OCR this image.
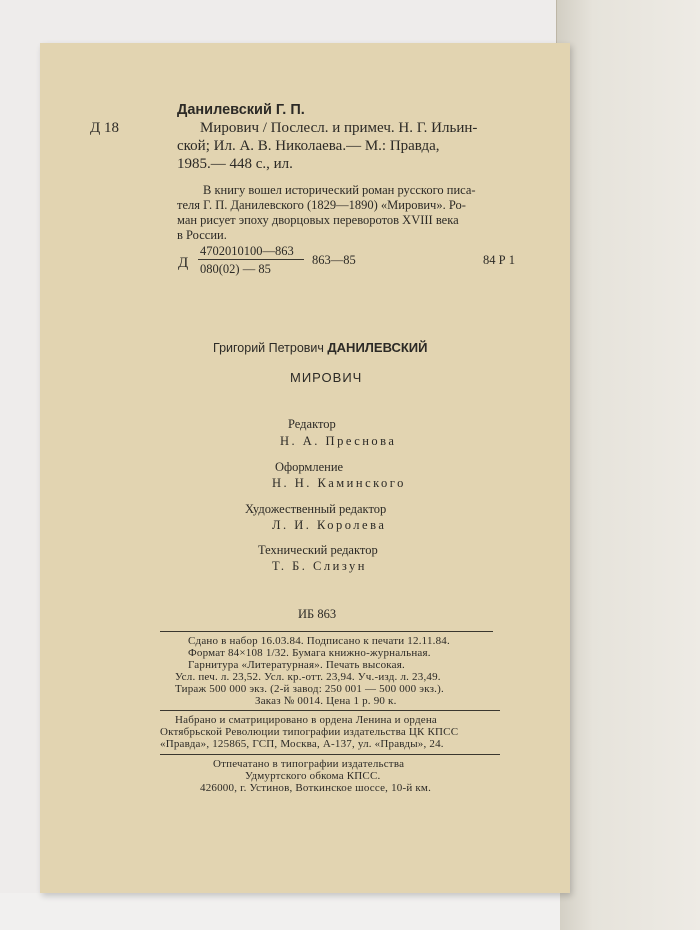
Данилевский Г. П.
Д 18	Мирович / Послесл. и примеч. Н. Г. Ильин-
ской; Ил. А. В. Николаева.— М.: Правда,
1985.— 448 с., ил.
В книгу вошел исторический роман русского писа-
теля Г. П. Данилевского (1829—1890) «Мирович». Ро-
ман рисует эпоху дворцовых переворотов XVIII века
в России.
Д
4702010100—863
080(02) — 85
863—85	84 Р 1
Григорий Петрович ДАНИЛЕВСКИЙ
МИРОВИЧ
Редактор
Н. А. Преснова
Оформление
Н. Н. Каминского
Художественный редактор
Л. И. Королева
Технический редактор
Т. Б. Слизун
ИБ 863
Сдано в набор 16.03.84. Подписано к печати 12.11.84.
Формат 84×108 1/32. Бумага книжно-журнальная.
Гарнитура «Литературная». Печать высокая.
Усл. печ. л. 23,52. Усл. кр.-отт. 23,94. Уч.-изд. л. 23,49.
Тираж 500 000 экз. (2-й завод: 250 001 — 500 000 экз.).
Заказ № 0014. Цена 1 р. 90 к.
Набрано и сматрицировано в ордена Ленина и ордена
Октябрьской Революции типографии издательства ЦК КПСС
«Правда», 125865, ГСП, Москва, А-137, ул. «Правды», 24.
Отпечатано в типографии издательства
Удмуртского обкома КПСС.
426000, г. Устинов, Воткинское шоссе, 10-й км.
